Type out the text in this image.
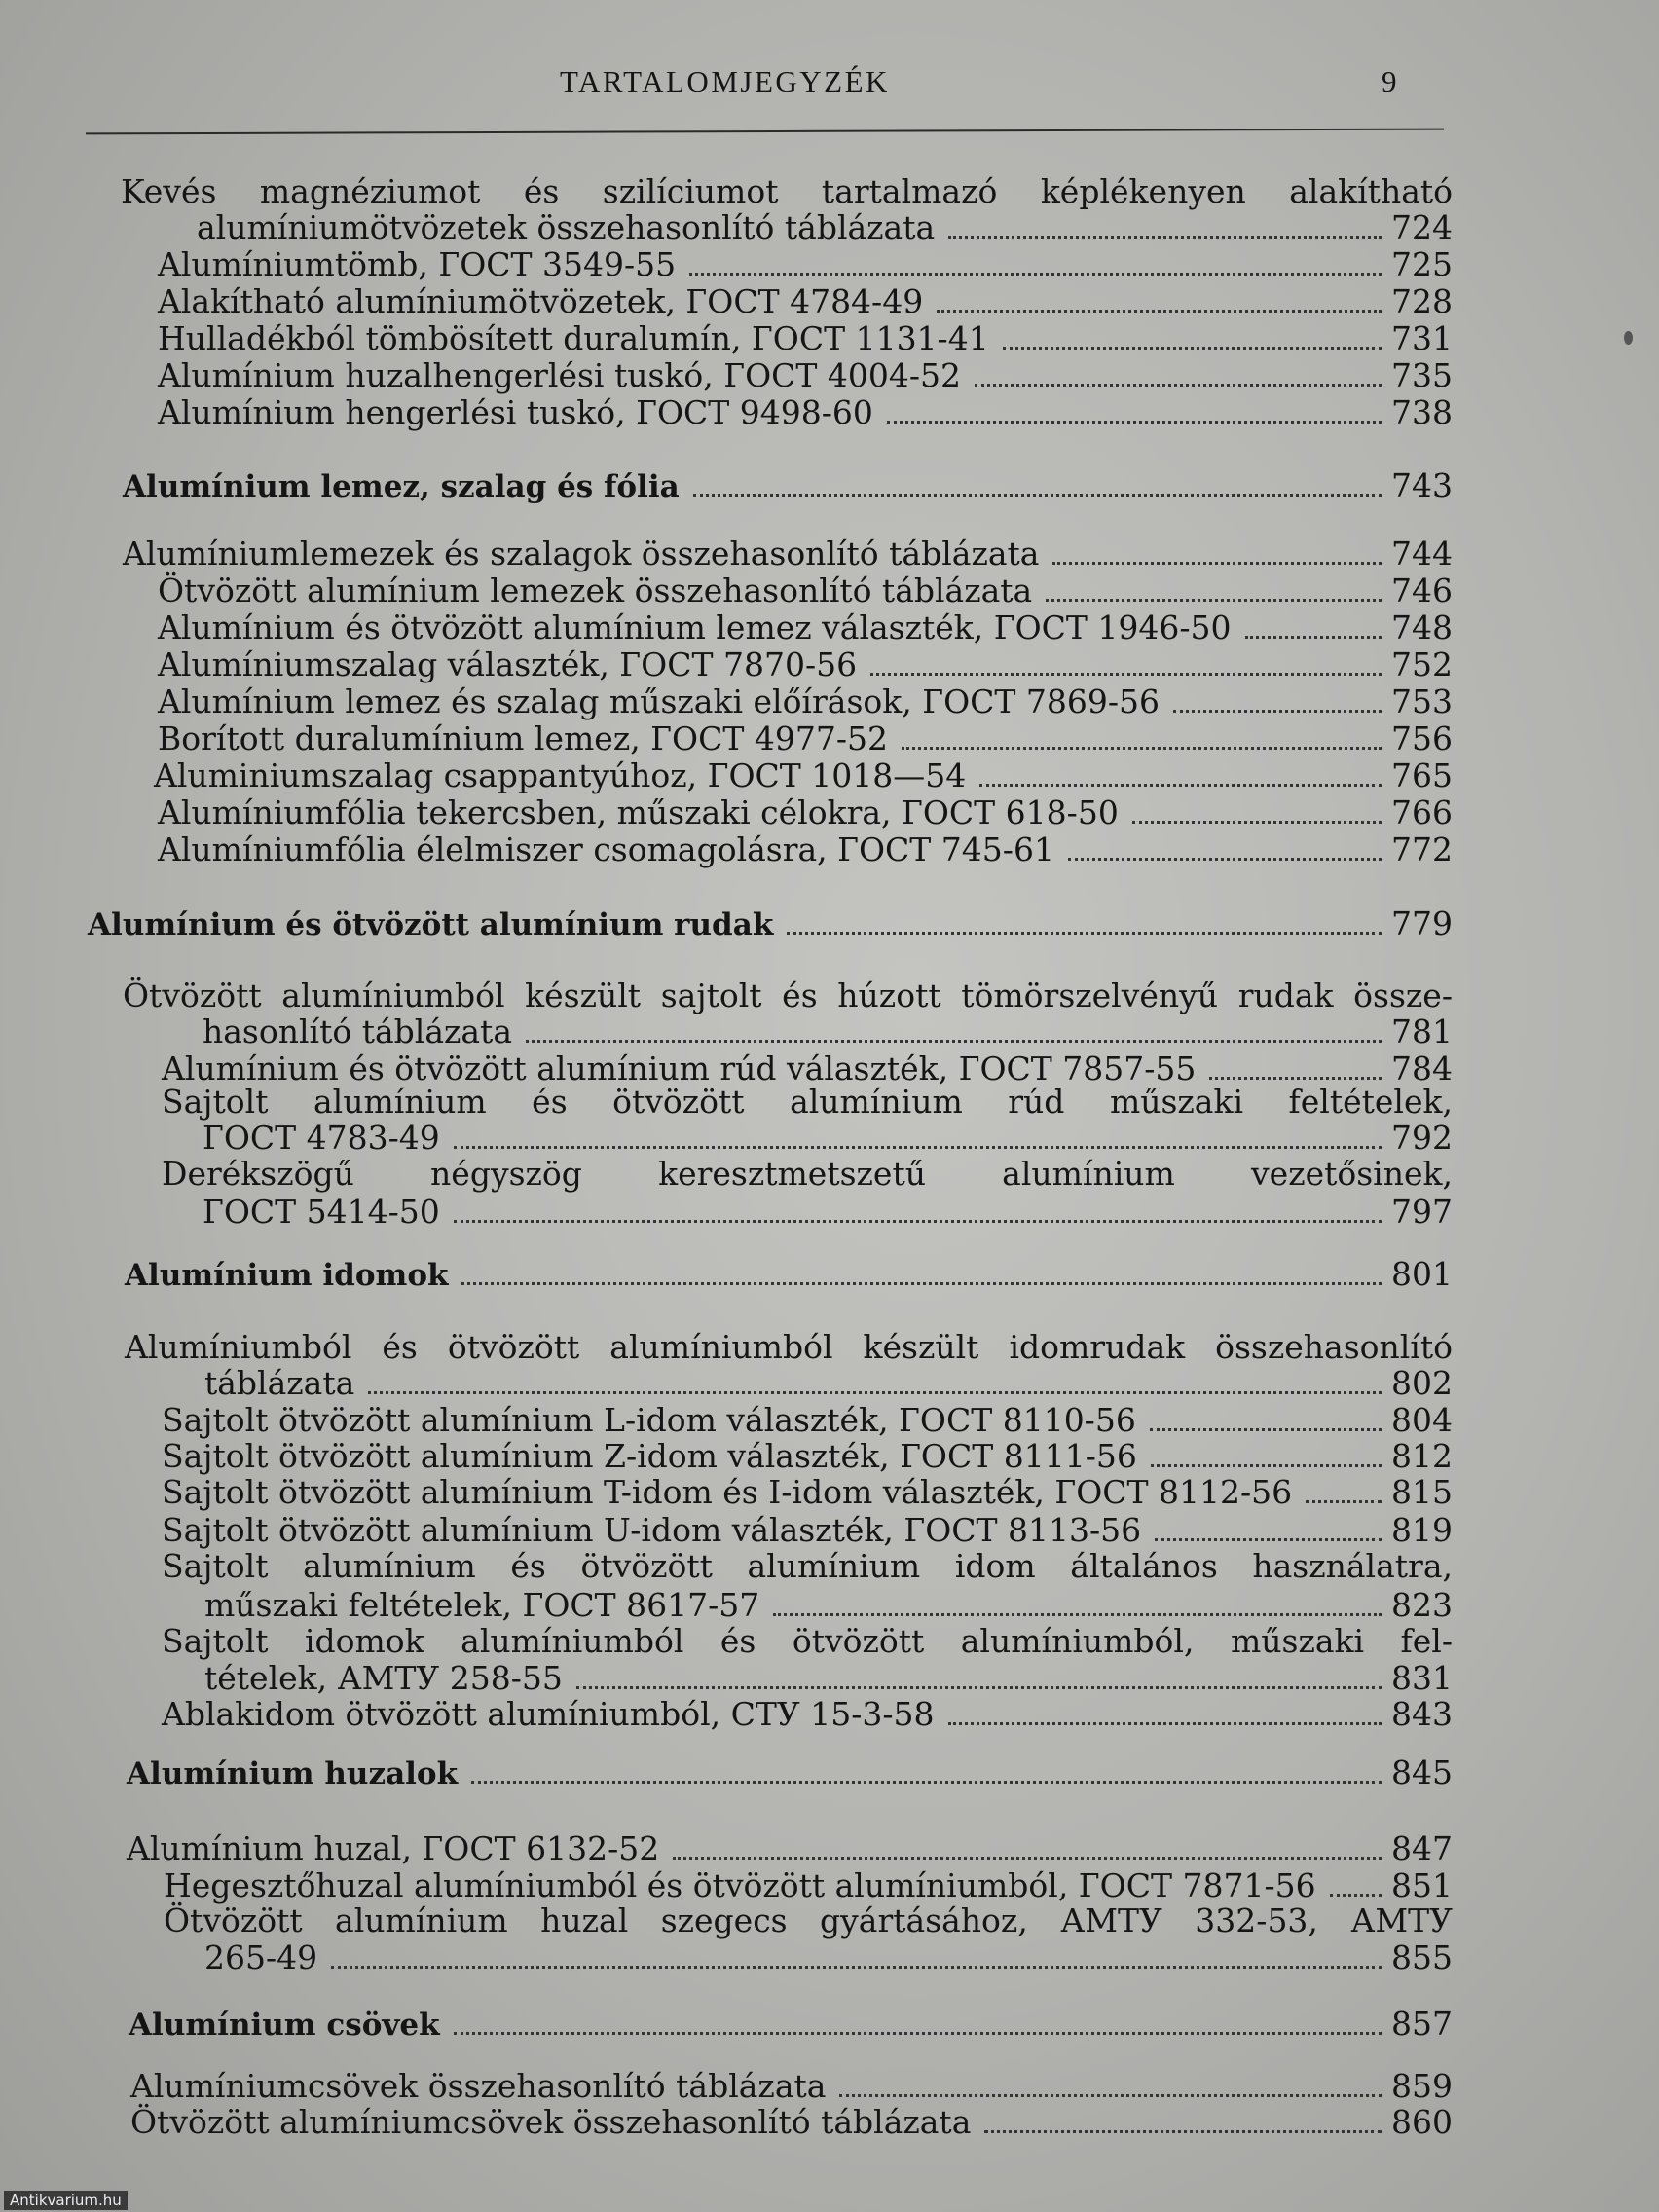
TARTALOMJEGYZÉK	9
Kevés magnéziumot és szilíciumot tartalmazó képlékenyen alakítható
alumíniumötvözetek összehasonlító táblázata	724
Alumíniumtömb, ГОСТ 3549-55	725
Alakítható alumíniumötvözetek, ГОСТ 4784-49	728
Hulladékból tömbösített duralumín, ГОСТ 1131-41	731
Alumínium huzalhengerlési tuskó, ГОСТ 4004-52	735
Alumínium hengerlési tuskó, ГОСТ 9498-60	738
Alumínium lemez, szalag és fólia	743
Alumíniumlemezek és szalagok összehasonlító táblázata	744
Ötvözött alumínium lemezek összehasonlító táblázata	746
Alumínium és ötvözött alumínium lemez választék, ГОСТ 1946-50	748
Alumíniumszalag választék, ГОСТ 7870-56	752
Alumínium lemez és szalag műszaki előírások, ГОСТ 7869-56	753
Borított duralumínium lemez, ГОСТ 4977-52	756
Aluminiumszalag csappantyúhoz, ГОСТ 1018—54	765
Alumíniumfólia tekercsben, műszaki célokra, ГОСТ 618-50	766
Alumíniumfólia élelmiszer csomagolásra, ГОСТ 745-61	772
Alumínium és ötvözött alumínium rudak	779
Ötvözött alumíniumból készült sajtolt és húzott tömörszelvényű rudak össze-
hasonlító táblázata	781
Alumínium és ötvözött alumínium rúd választék, ГОСТ 7857-55	784
Sajtolt alumínium és ötvözött alumínium rúd műszaki feltételek,
ГОСТ 4783-49	792
Derékszögű négyszög keresztmetszetű alumínium vezetősinek,
ГОСТ 5414-50	797
Alumínium idomok	801
Alumíniumból és ötvözött alumíniumból készült idomrudak összehasonlító
táblázata	802
Sajtolt ötvözött alumínium L-idom választék, ГОСТ 8110-56	804
Sajtolt ötvözött alumínium Z-idom választék, ГОСТ 8111-56	812
Sajtolt ötvözött alumínium T-idom és I-idom választék, ГОСТ 8112-56	815
Sajtolt ötvözött alumínium U-idom választék, ГОСТ 8113-56	819
Sajtolt alumínium és ötvözött alumínium idom általános használatra,
műszaki feltételek, ГОСТ 8617-57	823
Sajtolt idomok alumíniumból és ötvözött alumíniumból, műszaki fel-
tételek, АМТУ 258-55	831
Ablakidom ötvözött alumíniumból, СТУ 15-3-58	843
Alumínium huzalok	845
Alumínium huzal, ГОСТ 6132-52	847
Hegesztőhuzal alumíniumból és ötvözött alumíniumból, ГОСТ 7871-56 851
Ötvözött alumínium huzal szegecs gyártásához, АМТУ 332-53, АМТУ
265-49	855
Alumínium csövek	857
Alumíniumcsövek összehasonlító táblázata	859
Ötvözött alumíniumcsövek összehasonlító táblázata	860
Antikvarium.hu
